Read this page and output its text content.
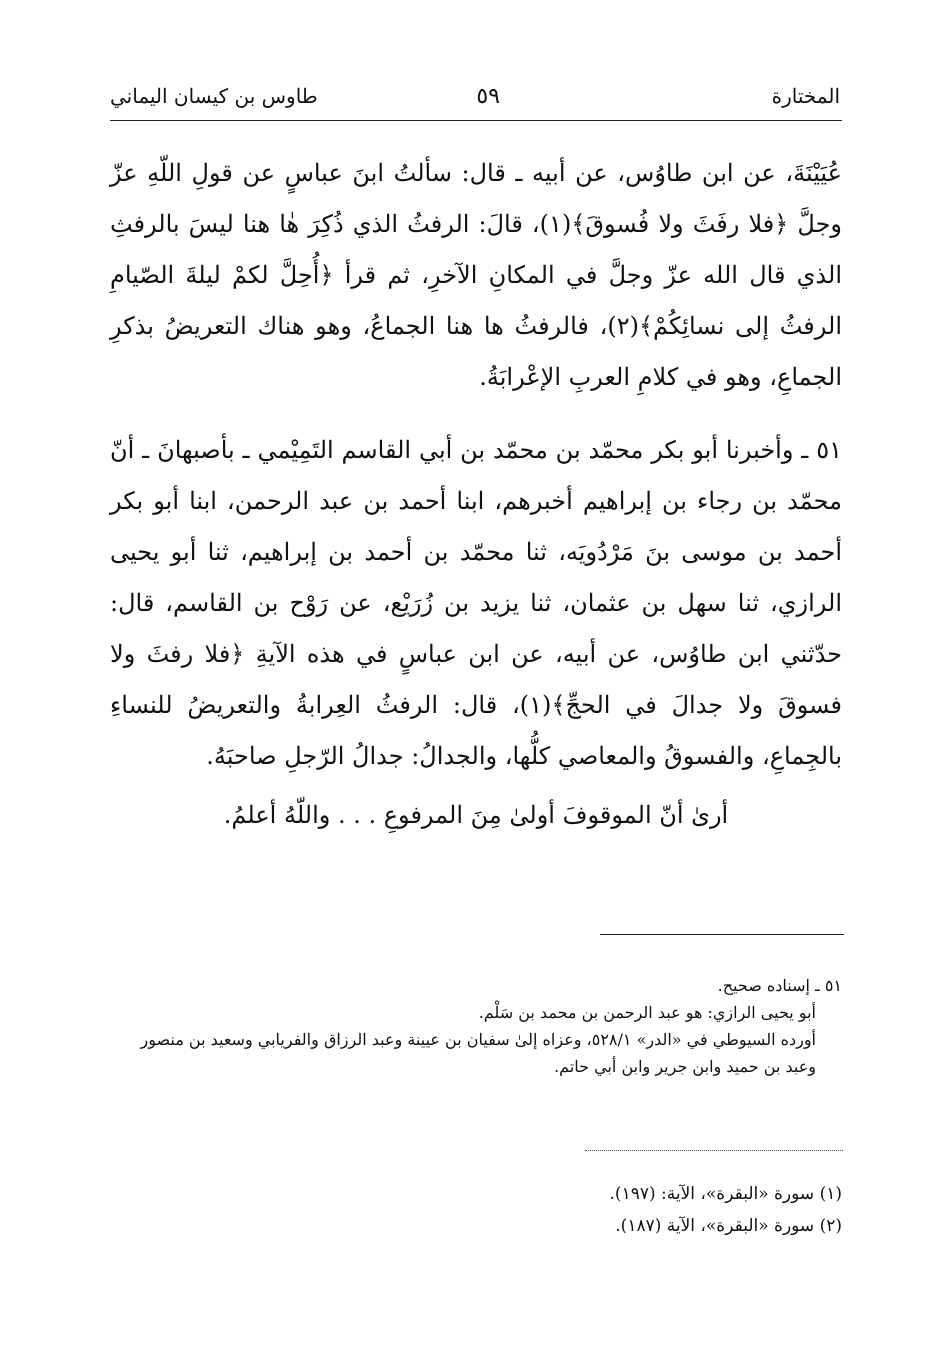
المختارة
٥٩
طاوس بن كيسان اليماني

عُيَيْنَةَ، عن ابن طاوُس، عن أبيه ـ قال: سألتُ ابنَ عباسٍ عن قولِ اللّهِ عزّ وجلَّ ﴿فلا رفَثَ ولا فُسوقَ﴾(١)، قالَ: الرفثُ الذي ذُكِرَ هٰا هنا ليسَ بالرفثِ الذي قال الله عزّ وجلَّ في المكانِ الآخرِ، ثم قرأ ﴿أُحِلَّ لكمْ ليلةَ الصّيامِ الرفثُ إلى نسائِكُمْ﴾(٢)، فالرفثُ ها هنا الجماعُ، وهو هناك التعريضُ بذكرِ الجماعِ، وهو في كلامِ العربِ الإعْرابَةُ.

٥١ ـ وأخبرنا أبو بكر محمّد بن محمّد بن أبي القاسم التَمِيْمي ـ بأصبهانَ ـ أنّ محمّد بن رجاء بن إبراهيم أخبرهم، ابنا أحمد بن عبد الرحمن، ابنا أبو بكر أحمد بن موسى بنَ مَرْدُويَه، ثنا محمّد بن أحمد بن إبراهيم، ثنا أبو يحيى الرازي، ثنا سهل بن عثمان، ثنا يزيد بن زُرَيْع، عن رَوْح بن القاسم، قال: حدّثني ابن طاوُس، عن أبيه، عن ابن عباسٍ في هذه الآيةِ ﴿فلا رفثَ ولا فسوقَ ولا جدالَ في الحجِّ﴾(١)، قال: الرفثُ العِرابةُ والتعريضُ للنساءِ بالجِماعِ، والفسوقُ والمعاصي كلُّها، والجدالُ: جدالُ الرّجلِ صاحبَهُ.

أرىٰ أنّ الموقوفَ أولىٰ مِنَ المرفوعِ . . . واللّهُ أعلمُ.

٥١ ـ إسناده صحيح.

أبو يحيى الرازي: هو عبد الرحمن بن محمد بن سَلْم.

أورده السيوطي في «الدر» ٥٢٨/١، وعزاه إلىٰ سفيان بن عيينة وعبد الرزاق والفريابي وسعيد بن منصور وعبد بن حميد وابن جرير وابن أبي حاتم.

(١) سورة «البقرة»، الآية: (١٩٧).

(٢) سورة «البقرة»، الآية (١٨٧).
